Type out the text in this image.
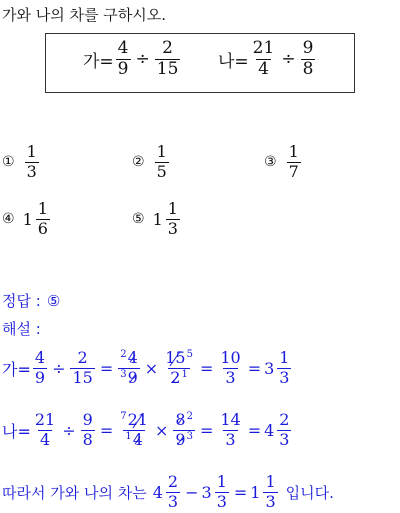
가와 나의 차를 구하시오.
가= $\frac{4}{9} \div \frac{2}{15}$ 나= $\frac{21}{4} \div \frac{9}{8}$
①
1
3	②
1
5	③
1
7
④ 1
1
6	⑤ 1
1
3
정답 : ⑤
해설 :
가= $\frac{4}{9} \div \frac{2}{15} = \frac{^24}{^39} \times \frac{15^5}{2^1} = \frac{10}{3} = 3$
1
3
나= $\frac{21}{4} \div \frac{9}{8} = \frac{^721}{^14} \times \frac{8^2}{9^3} = \frac{14}{3} = 4$
2
3
따라서 가와 나의 차는 4
2
$3 - 3 \frac{1}{3} = 1$
1
3 입니다.
